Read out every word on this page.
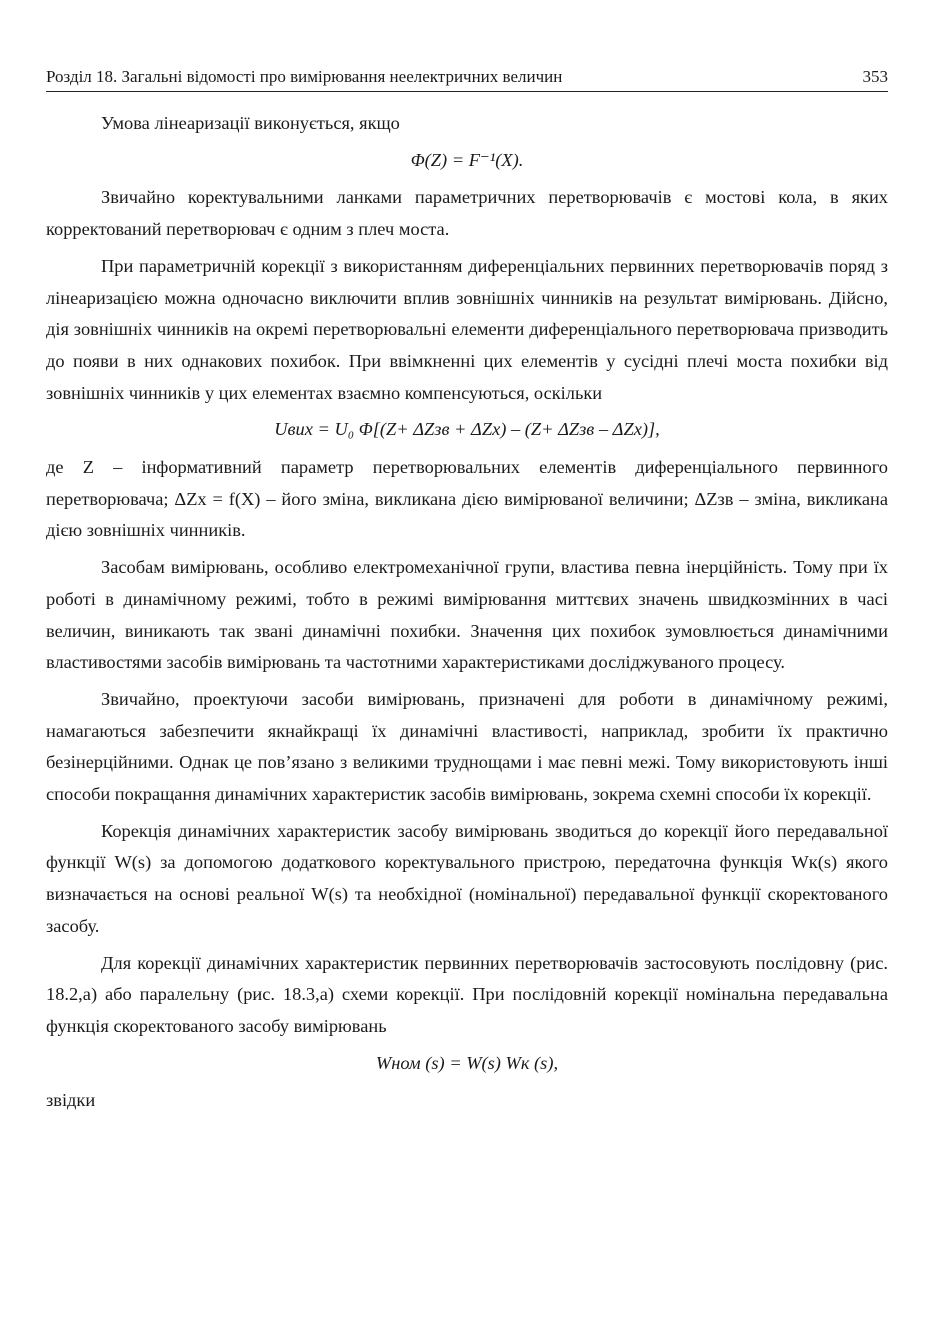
Розділ 18. Загальні відомості про вимірювання неелектричних величин	353

Умова лінеаризації виконується, якщо

Φ(Z) = F⁻¹(X).

Звичайно коректувальними ланками параметричних перетворювачів є мостові кола, в яких корректований перетворювач є одним з плеч моста.

При параметричній корекції з використанням диференціальних первинних перетворювачів поряд з лінеаризацією можна одночасно виключити вплив зовнішніх чинників на результат вимірювань. Дійсно, дія зовнішніх чинників на окремі перетворювальні елементи диференціального перетворювача призводить до появи в них однакових похибок. При ввімкненні цих елементів у сусідні плечі моста похибки від зовнішніх чинників у цих елементах взаємно компенсуються, оскільки

Uвих = U₀ Φ[(Z+ ΔZзв + ΔZx) – (Z+ ΔZзв – ΔZx)],

де Z – інформативний параметр перетворювальних елементів диференціального первинного перетворювача; ΔZx = f(X) – його зміна, викликана дією вимірюваної величини; ΔZзв – зміна, викликана дією зовнішніх чинників.

Засобам вимірювань, особливо електромеханічної групи, властива певна інерційність. Тому при їх роботі в динамічному режимі, тобто в режимі вимірювання миттєвих значень швидкозмінних в часі величин, виникають так звані динамічні похибки. Значення цих похибок зумовлюється динамічними властивостями засобів вимірювань та частотними характеристиками досліджуваного процесу.

Звичайно, проектуючи засоби вимірювань, призначені для роботи в динамічному режимі, намагаються забезпечити якнайкращі їх динамічні властивості, наприклад, зробити їх практично безінерційними. Однак це пов’язано з великими труднощами і має певні межі. Тому використовують інші способи покращання динамічних характеристик засобів вимірювань, зокрема схемні способи їх корекції.

Корекція динамічних характеристик засобу вимірювань зводиться до корекції його передавальної функції W(s) за допомогою додаткового коректувального пристрою, передаточна функція Wк(s) якого визначається на основі реальної W(s) та необхідної (номінальної) передавальної функції скоректованого засобу.

Для корекції динамічних характеристик первинних перетворювачів застосовують послідовну (рис. 18.2,а) або паралельну (рис. 18.3,а) схеми корекції. При послідовній корекції номінальна передавальна функція скоректованого засобу вимірювань

Wном (s) = W(s) Wк (s),

звідки
